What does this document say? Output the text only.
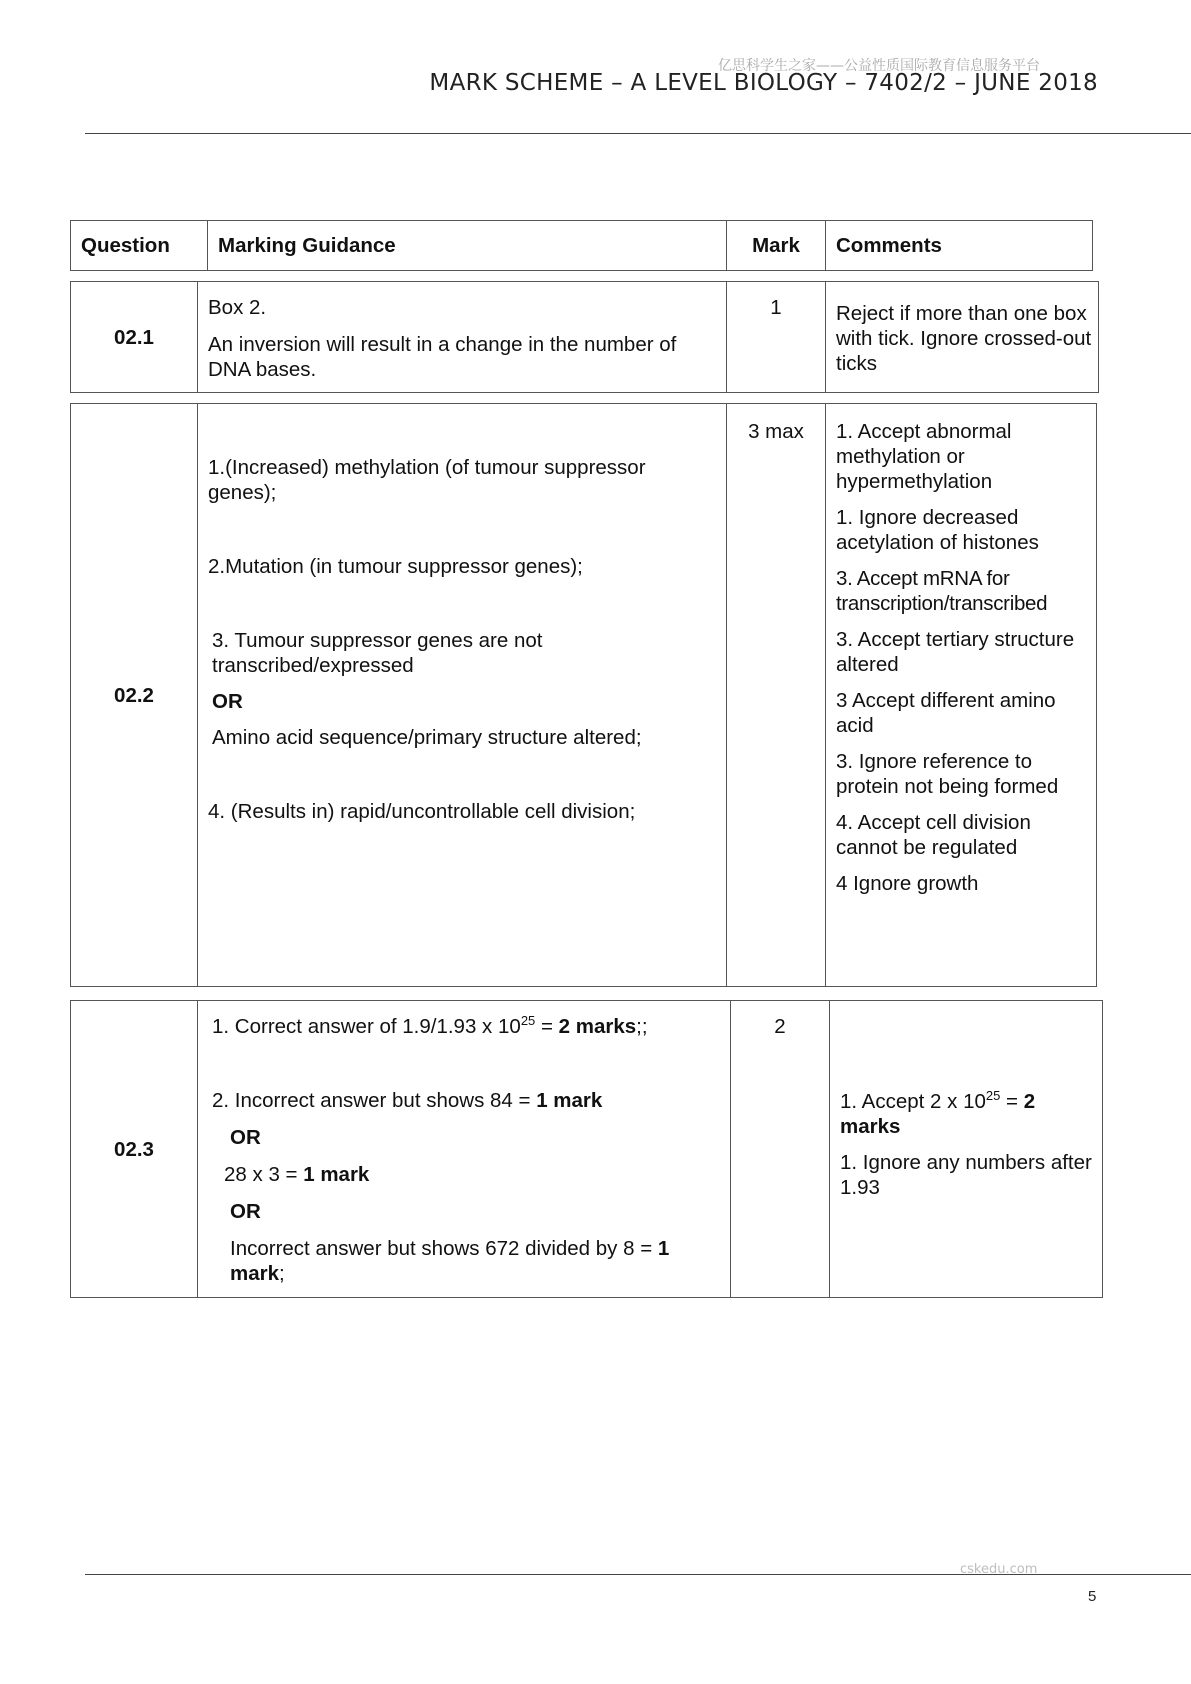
亿思科学生之家——公益性质国际教育信息服务平台
MARK SCHEME – A LEVEL BIOLOGY – 7402/2 – JUNE 2018
Question	Marking Guidance	Mark	Comments
02.1	

Box 2.

An inversion will result in a change in the number of DNA bases.

	1	Reject if more than one box with tick. Ignore crossed-out ticks

02.2	

1.(Increased) methylation (of tumour suppressor genes);

2.Mutation (in tumour suppressor genes);

3. Tumour suppressor genes are not transcribed/expressed

OR

Amino acid sequence/primary structure altered;

4. (Results in) rapid/uncontrollable cell division;

	3 max	1. Accept abnormal methylation or hypermethylation

1. Ignore decreased acetylation of histones

3. Accept mRNA for transcription/transcribed

3. Accept tertiary structure altered

3 Accept different amino acid

3. Ignore reference to protein not being formed

4. Accept cell division cannot be regulated

4 Ignore growth

02.3	

1. Correct answer of 1.9/1.93 x $10^{25} = 2$ marks;;

2. Incorrect answer but shows 84 = 1 mark

OR

28 x 3 = 1 mark

OR

Incorrect answer but shows 672 divided by 8 = 1 mark;

	2	

1. Accept 2 x $10^{25} = 2$ marks

1. Ignore any numbers after 1.93

cskedu.com
5
